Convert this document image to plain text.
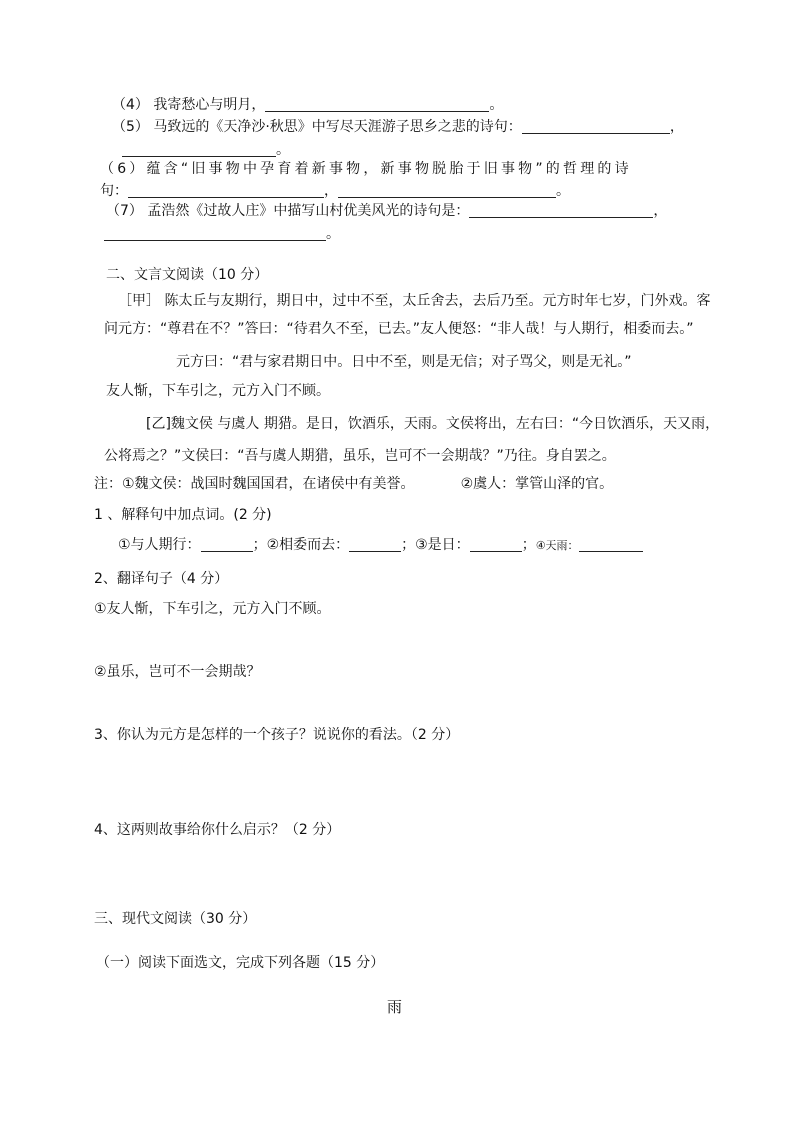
（4） 我寄愁心与明月，	。
（5） 马致远的《天净沙·秋思》中写尽天涯游子思乡之悲的诗句：	，
。
（6）蕴含“旧事物中孕育着新事物，新事物脱胎于旧事物”的哲理的诗
句：	，	。
（7） 孟浩然《过故人庄》中描写山村优美风光的诗句是：	，
。
二、文言文阅读（10 分）
［甲］ 陈太丘与友期行，期日中，过中不至，太丘舍去，去后乃至。元方时年七岁，门外戏。客
问元方：“尊君在不？”答曰：“待君久不至，已去。”友人便怒：“非人哉！与人期行，相委而去。”
元方曰：“君与家君期日中。日中不至，则是无信；对子骂父，则是无礼。”
友人惭，下车引之，元方入门不顾。
[乙]魏文侯 与虞人 期猎。是日，饮酒乐，天雨。文侯将出，左右曰：“今日饮酒乐，天又雨，
公将焉之？”文侯曰：“吾与虞人期猎，虽乐，岂可不一会期哉？”乃往。身自罢之。
注：①魏文侯：战国时魏国国君，在诸侯中有美誉。	②虞人：掌管山泽的官。
1 、解释句中加点词。(2 分)
①与人期行：	；②相委而去：	；③是日：	；④天雨：
2、翻译句子（4 分）
①友人惭，下车引之，元方入门不顾。
②虽乐，岂可不一会期哉？
3、你认为元方是怎样的一个孩子？说说你的看法。（2 分）
4、这两则故事给你什么启示？（2 分）
三、现代文阅读（30 分）
（一）阅读下面选文，完成下列各题（15 分）
雨
